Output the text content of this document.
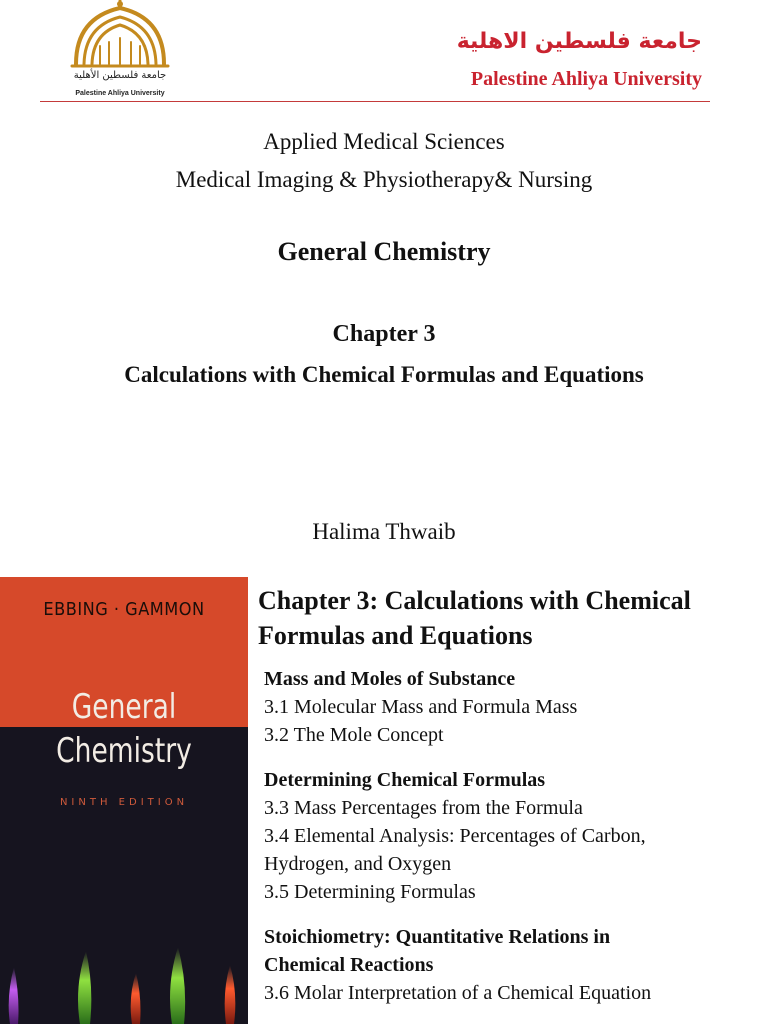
جامعة فلسطين الأهلية
Palestine Ahliya University
جامعة فلسطين الاهلية
Palestine Ahliya University
Applied Medical Sciences
Medical Imaging & Physiotherapy& Nursing
General Chemistry
Chapter 3
Calculations with Chemical Formulas and Equations
Halima Thwaib
EBBING · GAMMON
General
Chemistry
NINTH EDITION
Chapter 3: Calculations with Chemical
Formulas and Equations
Mass and Moles of Substance
3.1 Molecular Mass and Formula Mass
3.2 The Mole Concept
Determining Chemical Formulas
3.3 Mass Percentages from the Formula
3.4 Elemental Analysis: Percentages of Carbon,
Hydrogen, and Oxygen
3.5 Determining Formulas
Stoichiometry: Quantitative Relations in
Chemical Reactions
3.6 Molar Interpretation of a Chemical Equation
